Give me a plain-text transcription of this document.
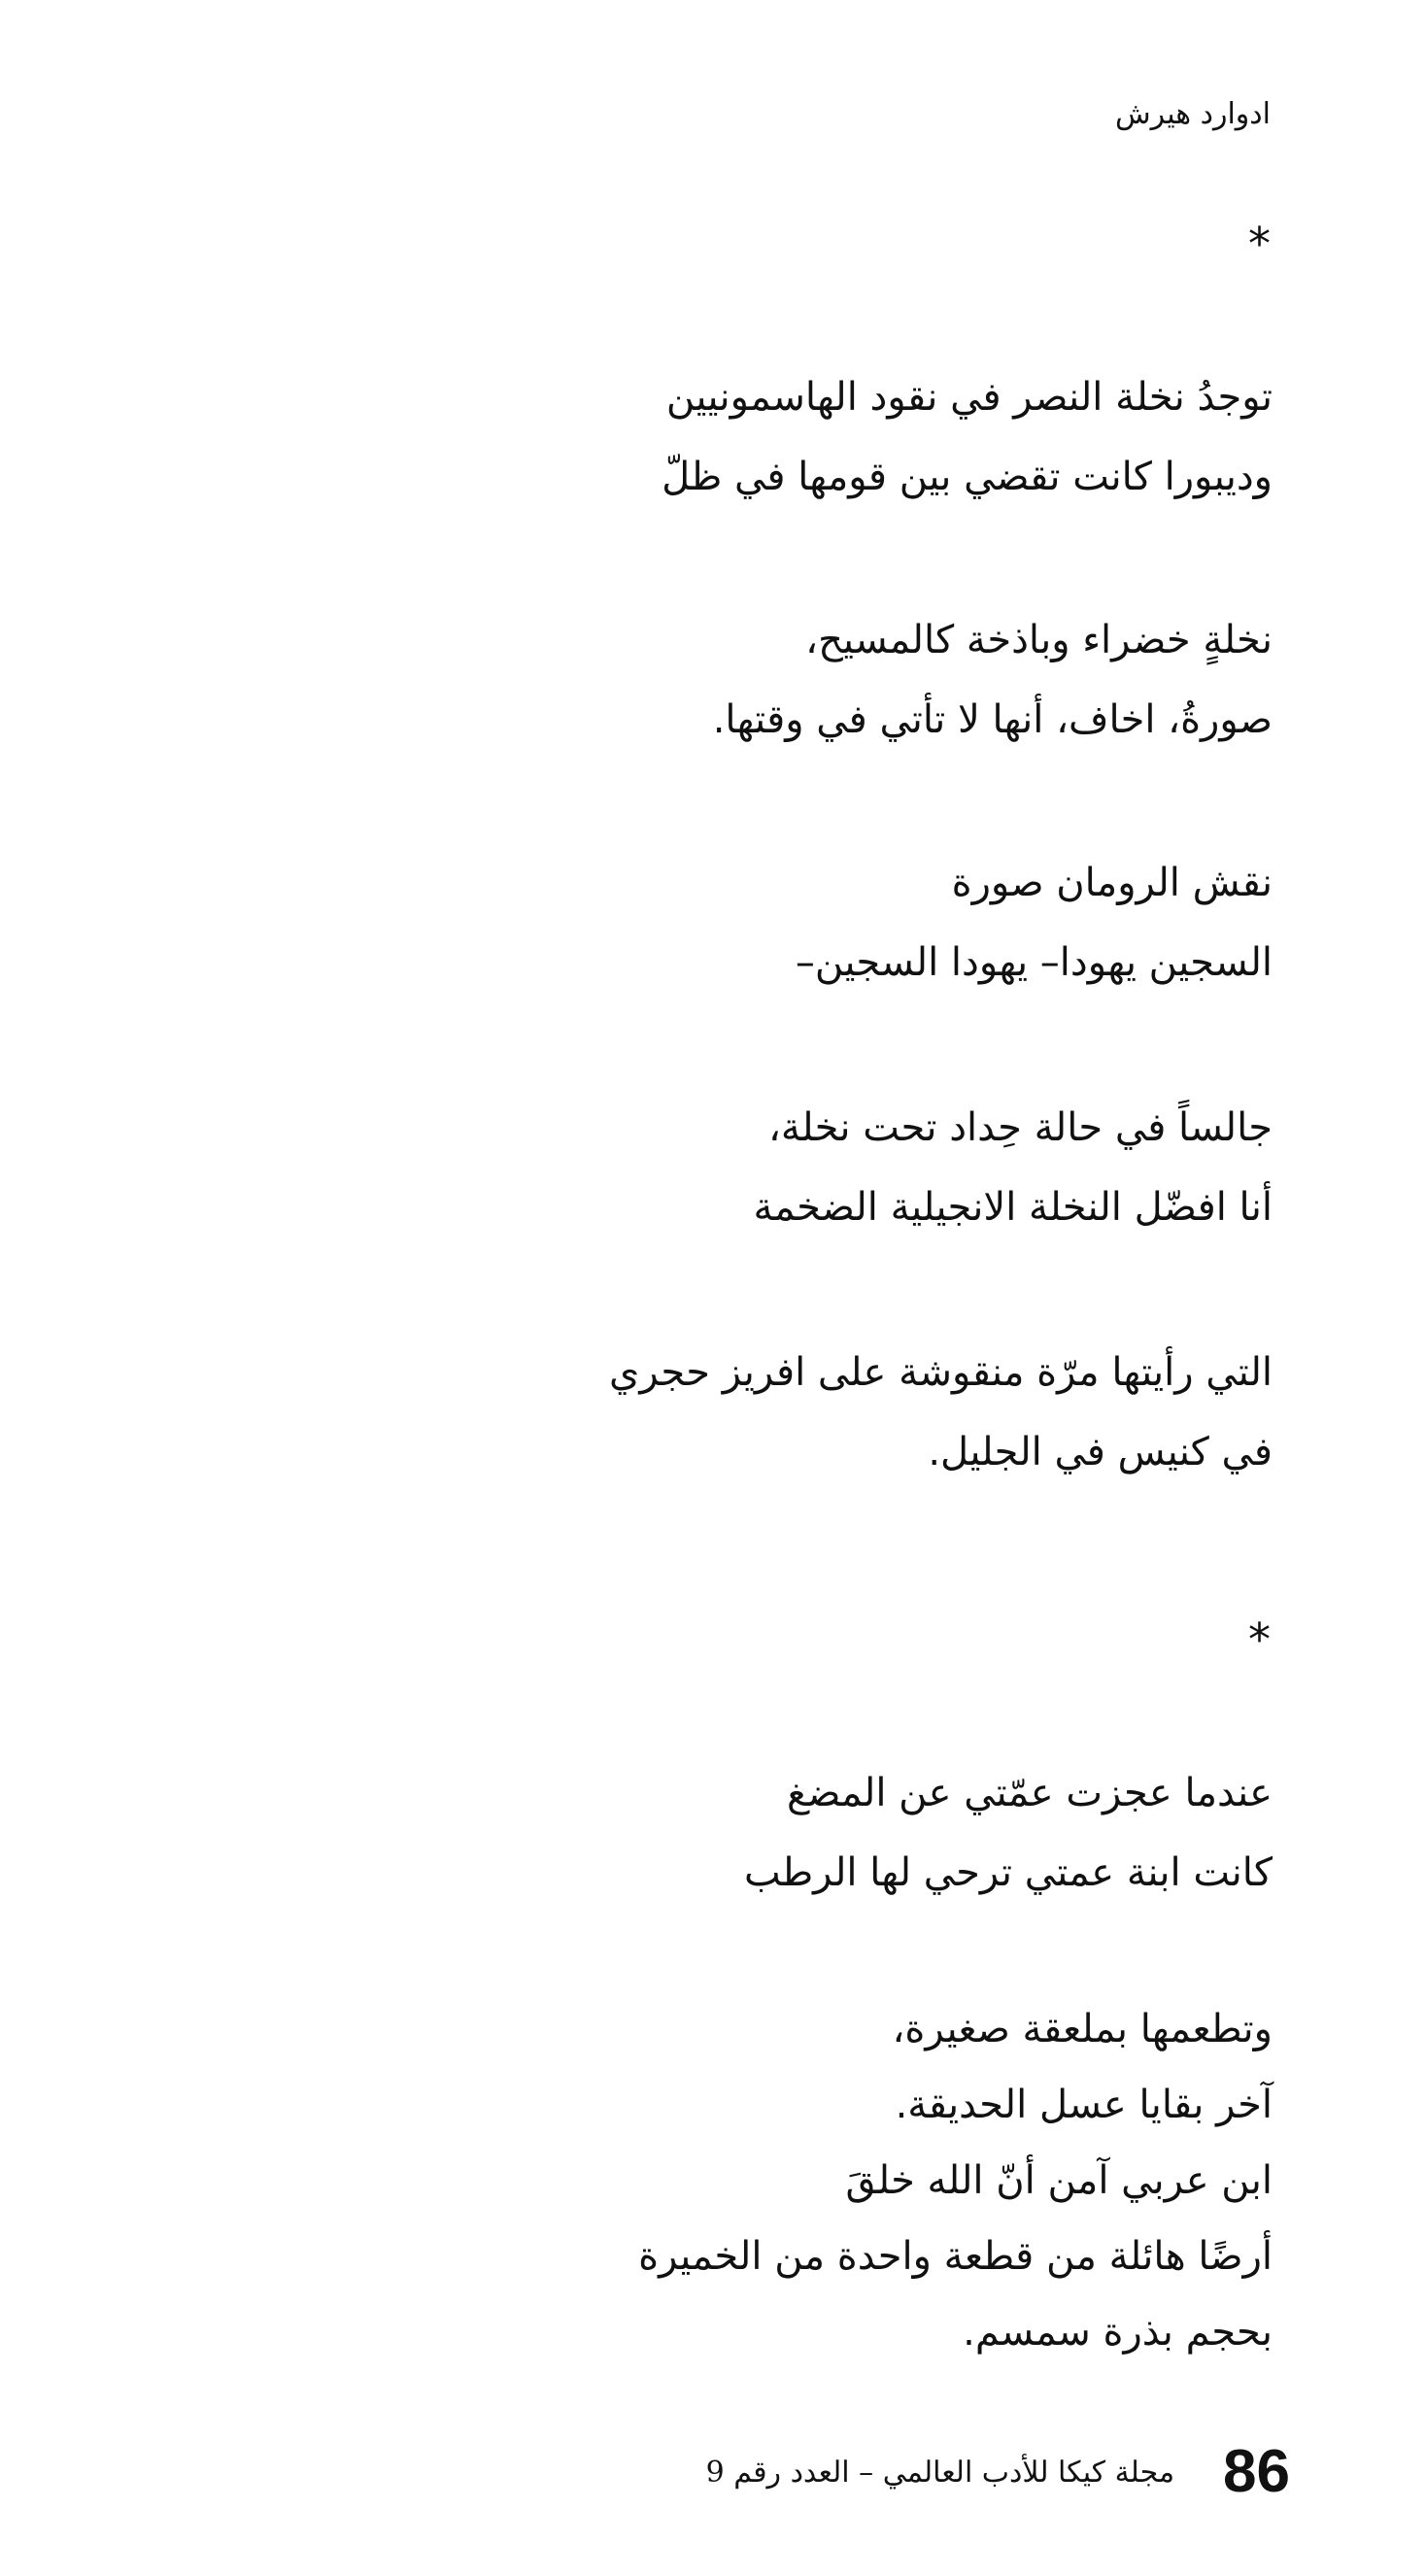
ادوارد هيرش
*
توجدُ نخلة النصر في نقود الهاسمونيين
وديبورا كانت تقضي بين قومها في ظلّ
نخلةٍ خضراء وباذخة كالمسيح،
صورةُ، اخاف، أنها لا تأتي في وقتها.
نقش الرومان صورة
السجين يهودا– يهودا السجين–
جالساً في حالة حِداد تحت نخلة،
أنا افضّل النخلة الانجيلية الضخمة
التي رأيتها مرّة منقوشة على افريز حجري
في كنيس في الجليل.
*
عندما عجزت عمّتي عن المضغ
كانت ابنة عمتي ترحي لها الرطب
وتطعمها بملعقة صغيرة،
آخر بقايا عسل الحديقة.
ابن عربي آمن أنّ الله خلقَ
أرضًا هائلة من قطعة واحدة من الخميرة
بحجم بذرة سمسم.
مجلة كيكا للأدب العالمي – العدد رقم 9 86
